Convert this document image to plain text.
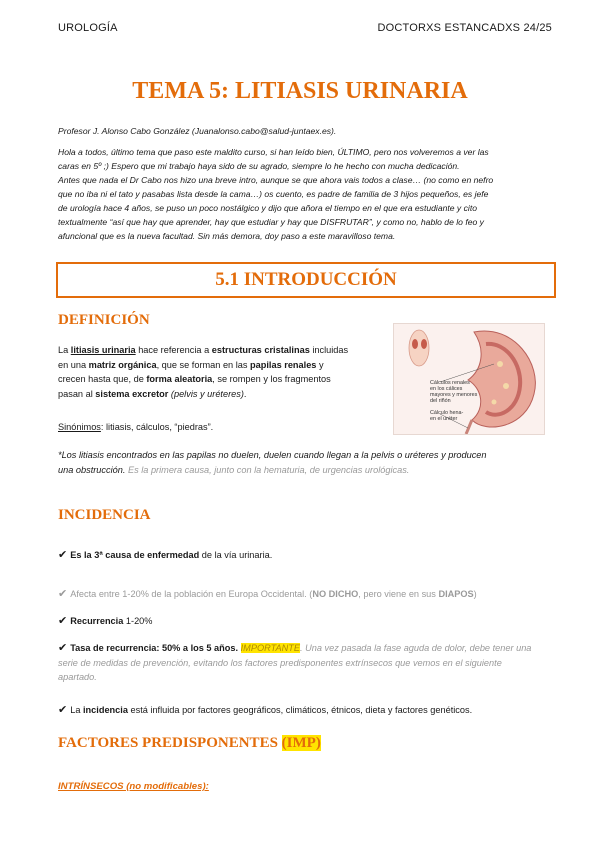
UROLOGÍA	DOCTORXS ESTANCADXS 24/25
TEMA 5: LITIASIS URINARIA
Profesor J. Alonso Cabo González (Juanalonso.cabo@salud-juntaex.es).
Hola a todos, último tema que paso este maldito curso, si han leído bien, ÚLTIMO, pero nos volveremos a ver las
caras en 5º ;) Espero que mi trabajo haya sido de su agrado, siempre lo he hecho con mucha dedicación.
Antes que nada el Dr Cabo nos hizo una breve intro, aunque se que ahora vais todos a clase… (no como en nefro
que no iba ni el tato y pasabas lista desde la cama…) os cuento, es padre de familia de 3 hijos pequeños, es jefe
de urología hace 4 años, se puso un poco nostálgico y dijo que añora el tiempo en el que era estudiante y cito
textualmente “así que hay que aprender, hay que estudiar y hay que DISFRUTAR”, y como no, hablo de lo feo y
afuncional que es la nueva facultad. Sin más demora, doy paso a este maravilloso tema.
5.1 INTRODUCCIÓN
DEFINICIÓN
La litiasis urinaria hace referencia a estructuras cristalinas incluidas
en una matriz orgánica, que se forman en las papilas renales y
crecen hasta que, de forma aleatoria, se rompen y los fragmentos
pasan al sistema excretor (pelvis y uréteres).
Sinónimos: litiasis, cálculos, “piedras”.
*Los litiasis encontrados en las papilas no duelen, duelen cuando llegan a la pelvis o uréteres y producen
una obstrucción. Es la primera causa, junto con la hematuria, de urgencias urológicas.
Cálculos renales
en los cálices
mayores y menores
del riñón
Cálculo hena-
en el uréter
INCIDENCIA
✔ Es la 3ª causa de enfermedad de la vía urinaria.
✔ Afecta entre 1-20% de la población en Europa Occidental. (NO DICHO, pero viene en sus DIAPOS)
✔ Recurrencia 1-20%
✔ Tasa de recurrencia: 50% a los 5 años. IMPORTANTE. Una vez pasada la fase aguda de dolor, debe tener una
serie de medidas de prevención, evitando los factores predisponentes extrínsecos que vemos en el siguiente
apartado.
✔ La incidencia está influida por factores geográficos, climáticos, étnicos, dieta y factores genéticos.
FACTORES PREDISPONENTES (IMP)
INTRÍNSECOS (no modificables):
